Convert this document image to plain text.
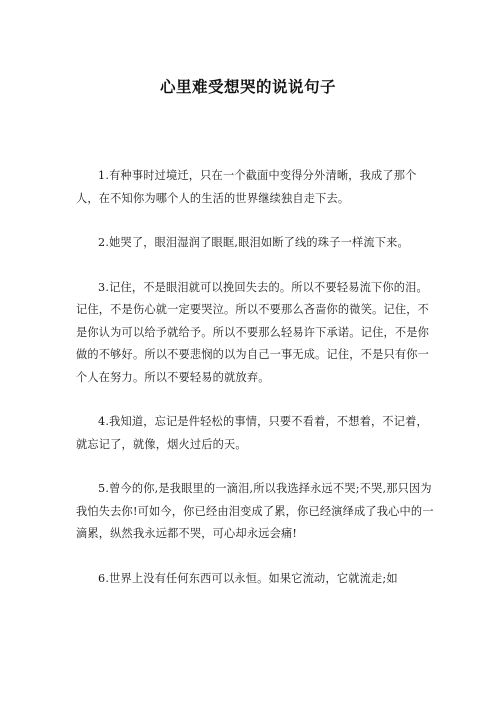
心里难受想哭的说说句子

1.有种事时过境迁，只在一个截面中变得分外清晰，我成了那个人，在不知你为哪个人的生活的世界继续独自走下去。

2.她哭了，眼泪湿润了眼眶,眼泪如断了线的珠子一样流下来。

3.记住，不是眼泪就可以挽回失去的。所以不要轻易流下你的泪。记住，不是伤心就一定要哭泣。所以不要那么吝啬你的微笑。记住，不是你认为可以给予就给予。所以不要那么轻易许下承诺。记住，不是你做的不够好。所以不要悲悯的以为自己一事无成。记住，不是只有你一个人在努力。所以不要轻易的就放弃。

4.我知道，忘记是件轻松的事情，只要不看着，不想着，不记着，就忘记了，就像，烟火过后的天。

5.曾今的你,是我眼里的一滴泪,所以我选择永远不哭;不哭,那只因为我怕失去你!可如今，你已经由泪变成了累，你已经演绎成了我心中的一滴累，纵然我永远都不哭，可心却永远会痛!

6.世界上没有任何东西可以永恒。如果它流动，它就流走;如
